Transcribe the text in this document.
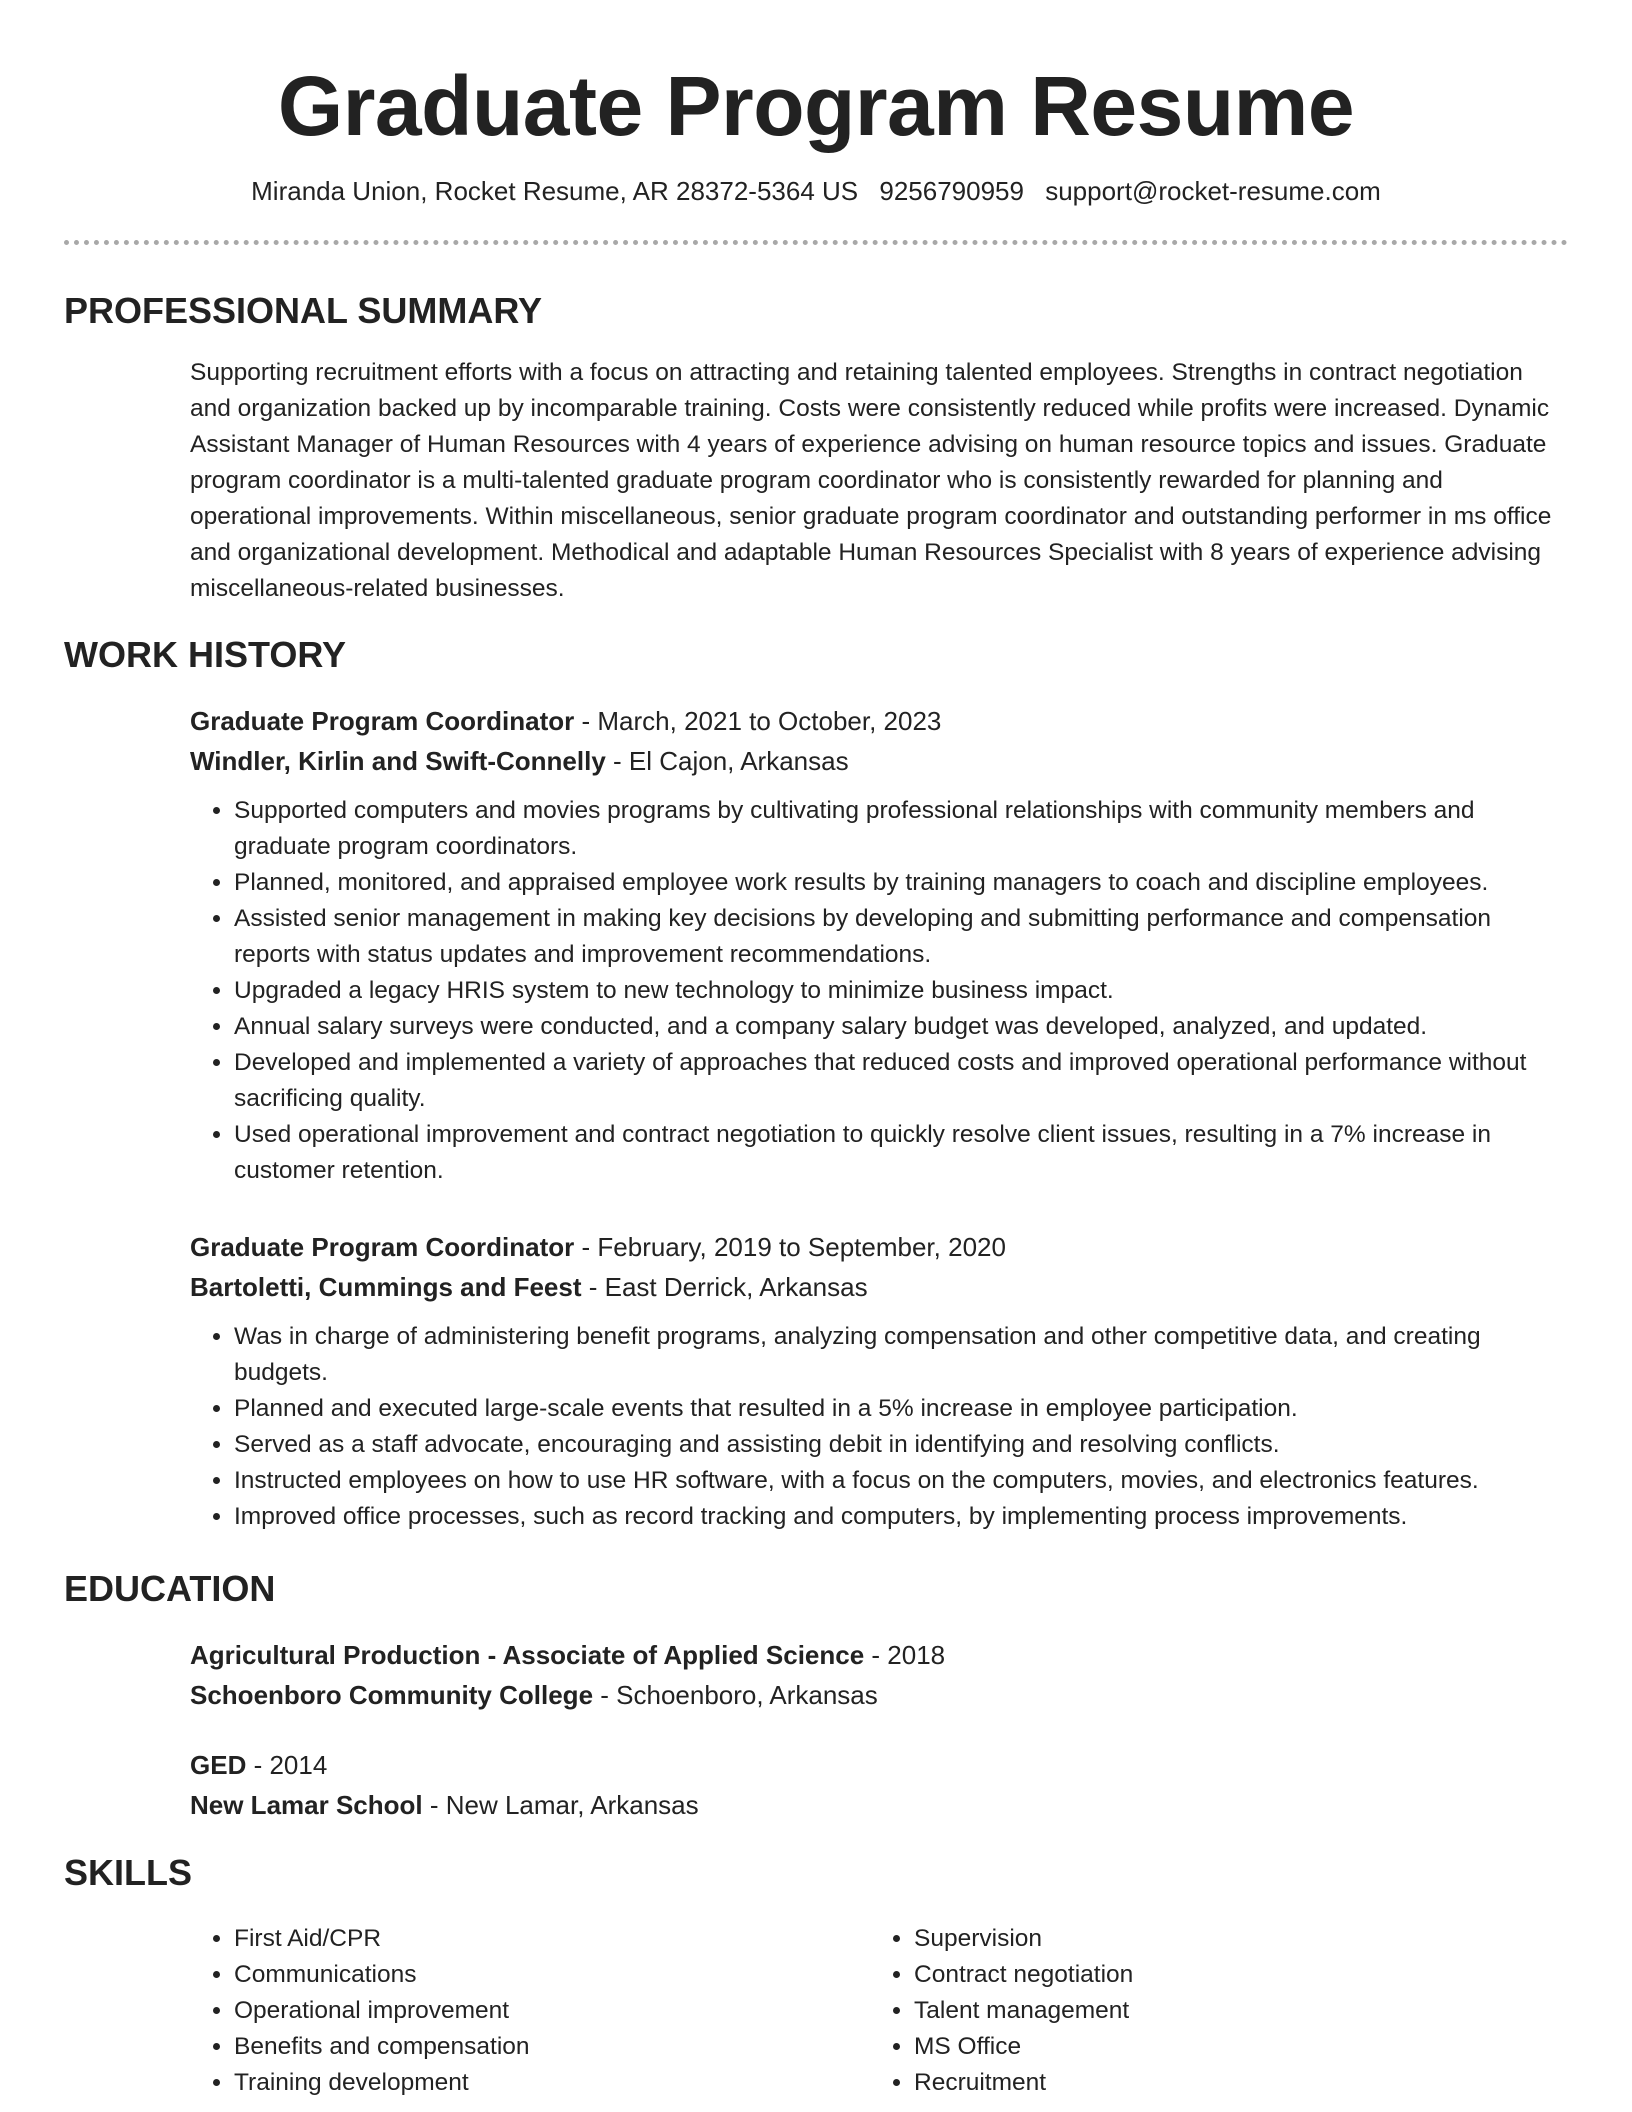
Graduate Program Resume
Miranda Union, Rocket Resume, AR 28372-5364 US 9256790959 support@rocket-resume.com
PROFESSIONAL SUMMARY
Supporting recruitment efforts with a focus on attracting and retaining talented employees. Strengths in contract negotiation and organization backed up by incomparable training. Costs were consistently reduced while profits were increased. Dynamic Assistant Manager of Human Resources with 4 years of experience advising on human resource topics and issues. Graduate program coordinator is a multi-talented graduate program coordinator who is consistently rewarded for planning and operational improvements. Within miscellaneous, senior graduate program coordinator and outstanding performer in ms office and organizational development. Methodical and adaptable Human Resources Specialist with 8 years of experience advising miscellaneous-related businesses.
WORK HISTORY
Graduate Program Coordinator - March, 2021 to October, 2023
Windler, Kirlin and Swift-Connelly - El Cajon, Arkansas
• Supported computers and movies programs by cultivating professional relationships with community members and graduate program coordinators.
• Planned, monitored, and appraised employee work results by training managers to coach and discipline employees.
• Assisted senior management in making key decisions by developing and submitting performance and compensation reports with status updates and improvement recommendations.
• Upgraded a legacy HRIS system to new technology to minimize business impact.
• Annual salary surveys were conducted, and a company salary budget was developed, analyzed, and updated.
• Developed and implemented a variety of approaches that reduced costs and improved operational performance without sacrificing quality.
• Used operational improvement and contract negotiation to quickly resolve client issues, resulting in a 7% increase in customer retention.
Graduate Program Coordinator - February, 2019 to September, 2020
Bartoletti, Cummings and Feest - East Derrick, Arkansas
• Was in charge of administering benefit programs, analyzing compensation and other competitive data, and creating budgets.
• Planned and executed large-scale events that resulted in a 5% increase in employee participation.
• Served as a staff advocate, encouraging and assisting debit in identifying and resolving conflicts.
• Instructed employees on how to use HR software, with a focus on the computers, movies, and electronics features.
• Improved office processes, such as record tracking and computers, by implementing process improvements.
EDUCATION
Agricultural Production - Associate of Applied Science - 2018
Schoenboro Community College - Schoenboro, Arkansas
GED - 2014
New Lamar School - New Lamar, Arkansas
SKILLS
• First Aid/CPR
• Communications
• Operational improvement
• Benefits and compensation
• Training development
• Supervision
• Contract negotiation
• Talent management
• MS Office
• Recruitment
